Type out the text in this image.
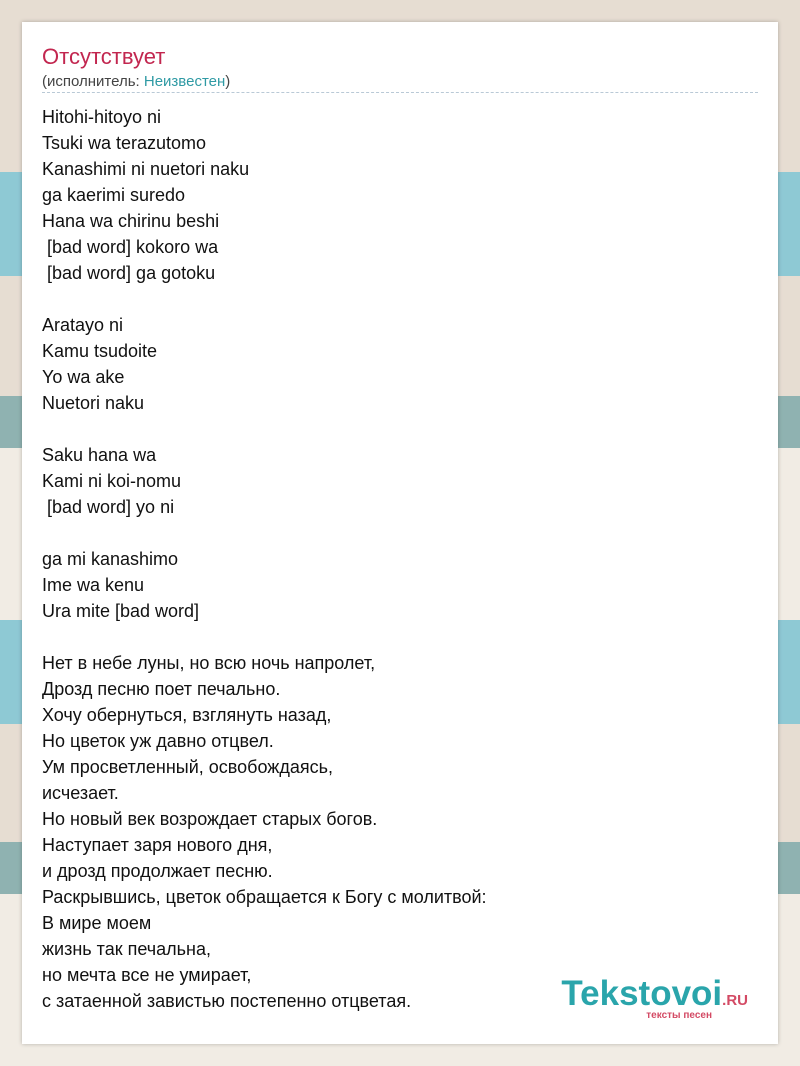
Отсутствует
(исполнитель: Неизвестен)
Hitohi-hitoyo ni
Tsuki wa terazutomo
Kanashimi ni nuetori naku
ga kaerimi suredo
Hana wa chirinu beshi
[bad word] kokoro wa
[bad word] ga gotoku

Aratayo ni
Kamu tsudoite
Yo wa ake
Nuetori naku

Saku hana wa
Kami ni koi-nomu
[bad word] yo ni

ga mi kanashimo
Ime wa kenu
Ura mite [bad word]

Нет в небе луны, но всю ночь напролет,
Дрозд песню поет печально.
Хочу обернуться, взглянуть назад,
Но цветок уж давно отцвел.
Ум просветленный, освобождаясь,
исчезает.
Но новый век возрождает старых богов.
Наступает заря нового дня,
и дрозд продолжает песню.
Раскрывшись, цветок обращается к Богу с молитвой:
В мире моем
жизнь так печальна,
но мечта все не умирает,
с затаенной завистью постепенно отцветая.	Tekstovoi.RU
тексты песен
